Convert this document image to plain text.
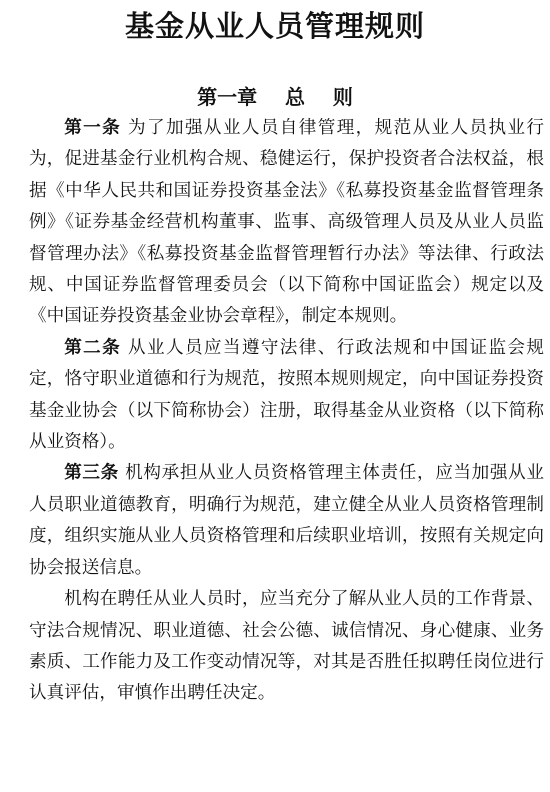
基金从业人员管理规则
第一章    总    则

第一条 为了加强从业人员自律管理，规范从业人员执业行为，促进基金行业机构合规、稳健运行，保护投资者合法权益，根据《中华人民共和国证券投资基金法》《私募投资基金监督管理条例》《证券基金经营机构董事、监事、高级管理人员及从业人员监督管理办法》《私募投资基金监督管理暂行办法》等法律、行政法规、中国证券监督管理委员会（以下简称中国证监会）规定以及《中国证券投资基金业协会章程》，制定本规则。

第二条 从业人员应当遵守法律、行政法规和中国证监会规定，恪守职业道德和行为规范，按照本规则规定，向中国证券投资基金业协会（以下简称协会）注册，取得基金从业资格（以下简称从业资格）。

第三条 机构承担从业人员资格管理主体责任，应当加强从业人员职业道德教育，明确行为规范，建立健全从业人员资格管理制度，组织实施从业人员资格管理和后续职业培训，按照有关规定向协会报送信息。

机构在聘任从业人员时，应当充分了解从业人员的工作背景、守法合规情况、职业道德、社会公德、诚信情况、身心健康、业务素质、工作能力及工作变动情况等，对其是否胜任拟聘任岗位进行认真评估，审慎作出聘任决定。
